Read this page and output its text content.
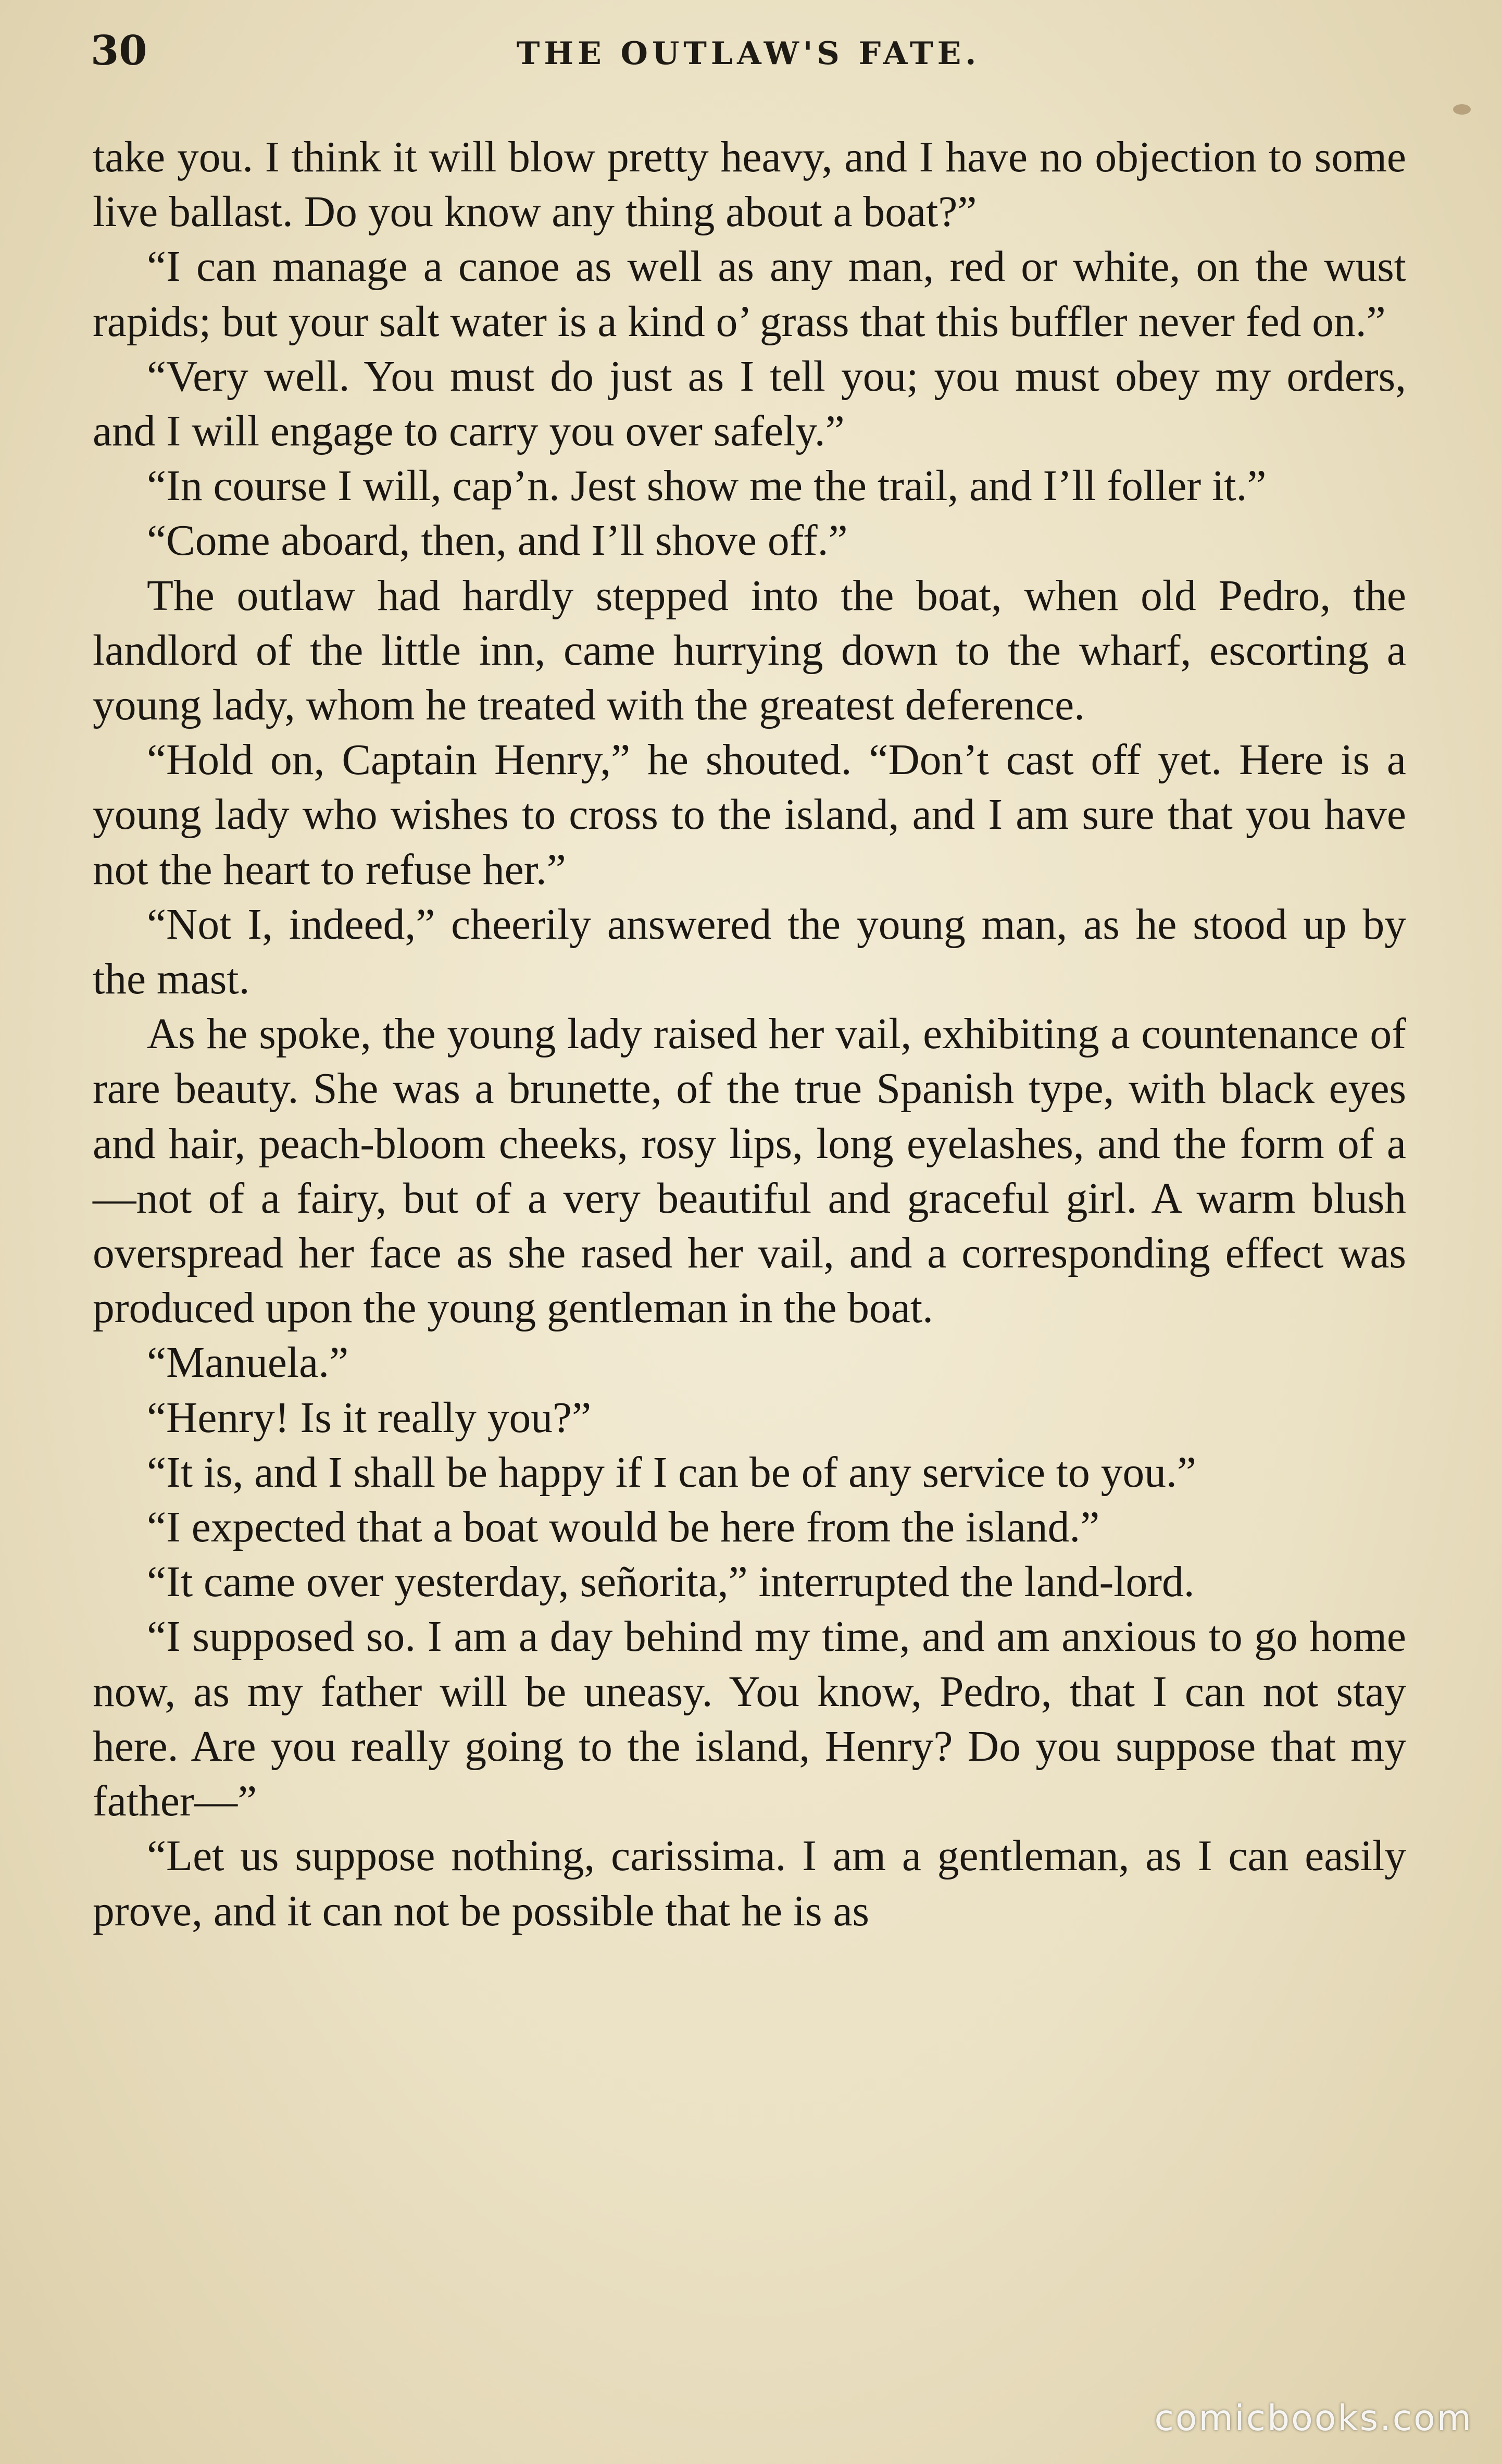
30	THE OUTLAW'S FATE.

take you. I think it will blow pretty heavy, and I have no objection to some live ballast. Do you know any thing about a boat?”

“I can manage a canoe as well as any man, red or white, on the wust rapids; but your salt water is a kind o’ grass that this buffler never fed on.”

“Very well. You must do just as I tell you; you must obey my orders, and I will engage to carry you over safely.”

“In course I will, cap’n. Jest show me the trail, and I’ll foller it.”

“Come aboard, then, and I’ll shove off.”

The outlaw had hardly stepped into the boat, when old Pedro, the landlord of the little inn, came hurrying down to the wharf, escorting a young lady, whom he treated with the greatest deference.

“Hold on, Captain Henry,” he shouted. “Don’t cast off yet. Here is a young lady who wishes to cross to the island, and I am sure that you have not the heart to refuse her.”

“Not I, indeed,” cheerily answered the young man, as he stood up by the mast.

As he spoke, the young lady raised her vail, exhibiting a countenance of rare beauty. She was a brunette, of the true Spanish type, with black eyes and hair, peach-bloom cheeks, rosy lips, long eyelashes, and the form of a—not of a fairy, but of a very beautiful and graceful girl. A warm blush overspread her face as she rased her vail, and a corresponding effect was produced upon the young gentleman in the boat.

“Manuela.”

“Henry! Is it really you?”

“It is, and I shall be happy if I can be of any service to you.”

“I expected that a boat would be here from the island.”

“It came over yesterday, señorita,” interrupted the land-lord.

“I supposed so. I am a day behind my time, and am anxious to go home now, as my father will be uneasy. You know, Pedro, that I can not stay here. Are you really going to the island, Henry? Do you suppose that my father—”

“Let us suppose nothing, carissima. I am a gentleman, as I can easily prove, and it can not be possible that he is as

comicbooks.com
